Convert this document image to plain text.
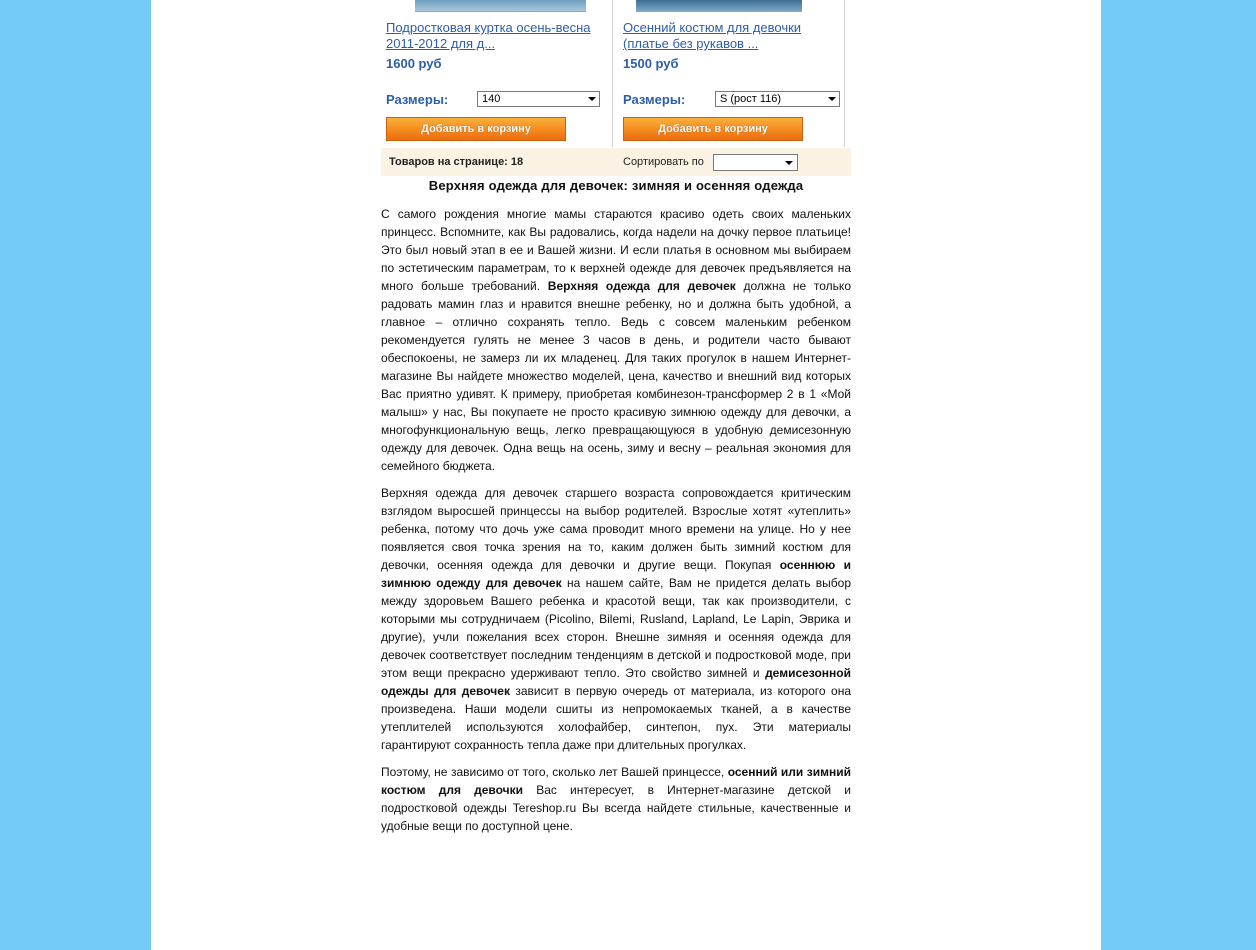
Подростковая куртка осень-весна 2011-2012 для д...
1600 руб
Размеры:	140
Добавить в корзину
Осенний костюм для девочки (платье без рукавов ...
1500 руб
Размеры:	S (рост 116)
Добавить в корзину
Товаров на странице: 18	Сортировать по
Верхняя одежда для девочек: зимняя и осенняя одежда

С самого рождения многие мамы стараются красиво одеть своих маленьких принцесс. Вспомните, как Вы радовались, когда надели на дочку первое платьице! Это был новый этап в ее и Вашей жизни. И если платья в основном мы выбираем по эстетическим параметрам, то к верхней одежде для девочек предъявляется на много больше требований. Верхняя одежда для девочек должна не только радовать мамин глаз и нравится внешне ребенку, но и должна быть удобной, а главное – отлично сохранять тепло. Ведь с совсем маленьким ребенком рекомендуется гулять не менее 3 часов в день, и родители часто бывают обеспокоены, не замерз ли их младенец. Для таких прогулок в нашем Интернет-магазине Вы найдете множество моделей, цена, качество и внешний вид которых Вас приятно удивят. К примеру, приобретая комбинезон-трансформер 2 в 1 «Мой малыш» у нас, Вы покупаете не просто красивую зимнюю одежду для девочки, а многофункциональную вещь, легко превращающуюся в удобную демисезонную одежду для девочек. Одна вещь на осень, зиму и весну – реальная экономия для семейного бюджета.

Верхняя одежда для девочек старшего возраста сопровождается критическим взглядом выросшей принцессы на выбор родителей. Взрослые хотят «утеплить» ребенка, потому что дочь уже сама проводит много времени на улице. Но у нее появляется своя точка зрения на то, каким должен быть зимний костюм для девочки, осенняя одежда для девочки и другие вещи. Покупая осеннюю и зимнюю одежду для девочек на нашем сайте, Вам не придется делать выбор между здоровьем Вашего ребенка и красотой вещи, так как производители, с которыми мы сотрудничаем (Picolino, Bilemi, Rusland, Lapland, Le Lapin, Эврика и другие), учли пожелания всех сторон. Внешне зимняя и осенняя одежда для девочек соответствует последним тенденциям в детской и подростковой моде, при этом вещи прекрасно удерживают тепло. Это свойство зимней и демисезонной одежды для девочек зависит в первую очередь от материала, из которого она произведена. Наши модели сшиты из непромокаемых тканей, а в качестве утеплителей используются холофайбер, синтепон, пух. Эти материалы гарантируют сохранность тепла даже при длительных прогулках.

Поэтому, не зависимо от того, сколько лет Вашей принцессе, осенний или зимний костюм для девочки Вас интересует, в Интернет-магазине детской и подростковой одежды Tereshop.ru Вы всегда найдете стильные, качественные и удобные вещи по доступной цене.
